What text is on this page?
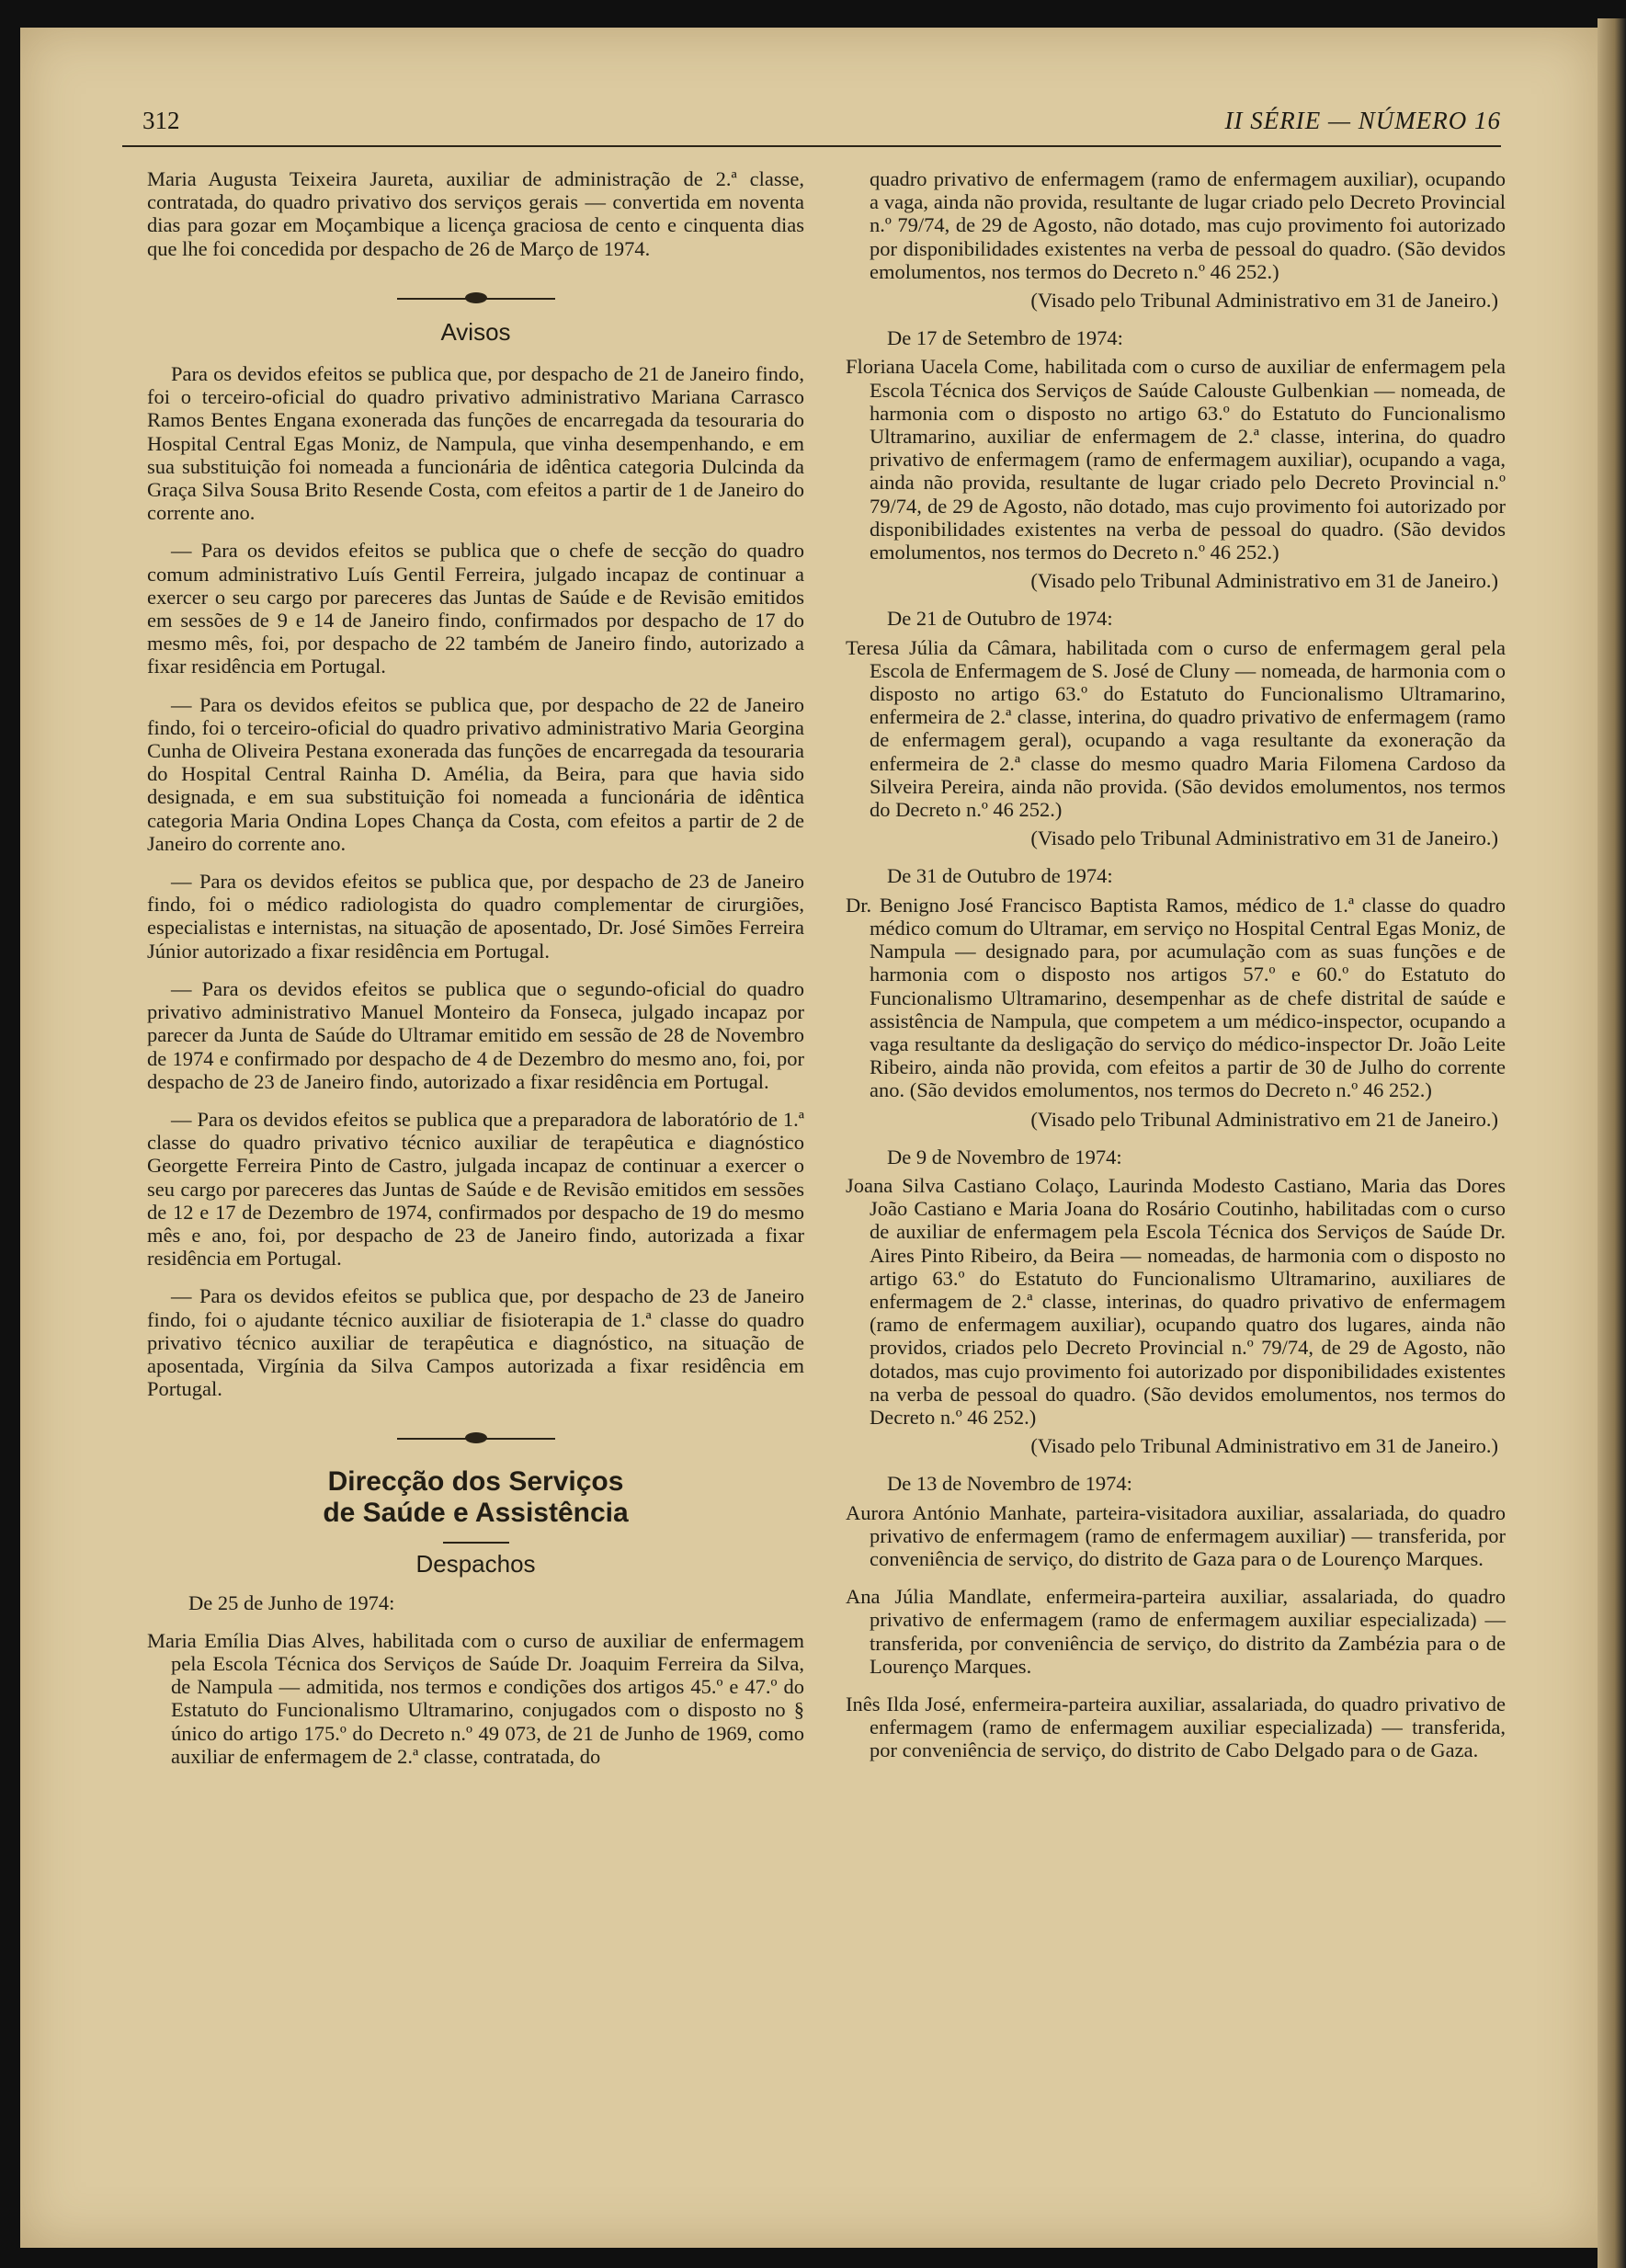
312	II SÉRIE — NÚMERO 16

Maria Augusta Teixeira Jaureta, auxiliar de administração de 2.ª classe, contratada, do quadro privativo dos serviços gerais — convertida em noventa dias para gozar em Moçambique a licença graciosa de cento e cinquenta dias que lhe foi concedida por despacho de 26 de Março de 1974.

Avisos

Para os devidos efeitos se publica que, por despacho de 21 de Janeiro findo, foi o terceiro-oficial do quadro privativo administrativo Mariana Carrasco Ramos Bentes Engana exonerada das funções de encarregada da tesouraria do Hospital Central Egas Moniz, de Nampula, que vinha desempenhando, e em sua substituição foi nomeada a funcionária de idêntica categoria Dulcinda da Graça Silva Sousa Brito Resende Costa, com efeitos a partir de 1 de Janeiro do corrente ano.

— Para os devidos efeitos se publica que o chefe de secção do quadro comum administrativo Luís Gentil Ferreira, julgado incapaz de continuar a exercer o seu cargo por pareceres das Juntas de Saúde e de Revisão emitidos em sessões de 9 e 14 de Janeiro findo, confirmados por despacho de 17 do mesmo mês, foi, por despacho de 22 também de Janeiro findo, autorizado a fixar residência em Portugal.

— Para os devidos efeitos se publica que, por despacho de 22 de Janeiro findo, foi o terceiro-oficial do quadro privativo administrativo Maria Georgina Cunha de Oliveira Pestana exonerada das funções de encarregada da tesouraria do Hospital Central Rainha D. Amélia, da Beira, para que havia sido designada, e em sua substituição foi nomeada a funcionária de idêntica categoria Maria Ondina Lopes Chança da Costa, com efeitos a partir de 2 de Janeiro do corrente ano.

— Para os devidos efeitos se publica que, por despacho de 23 de Janeiro findo, foi o médico radiologista do quadro complementar de cirurgiões, especialistas e internistas, na situação de aposentado, Dr. José Simões Ferreira Júnior autorizado a fixar residência em Portugal.

— Para os devidos efeitos se publica que o segundo-oficial do quadro privativo administrativo Manuel Monteiro da Fonseca, julgado incapaz por parecer da Junta de Saúde do Ultramar emitido em sessão de 28 de Novembro de 1974 e confirmado por despacho de 4 de Dezembro do mesmo ano, foi, por despacho de 23 de Janeiro findo, autorizado a fixar residência em Portugal.

— Para os devidos efeitos se publica que a preparadora de laboratório de 1.ª classe do quadro privativo técnico auxiliar de terapêutica e diagnóstico Georgette Ferreira Pinto de Castro, julgada incapaz de continuar a exercer o seu cargo por pareceres das Juntas de Saúde e de Revisão emitidos em sessões de 12 e 17 de Dezembro de 1974, confirmados por despacho de 19 do mesmo mês e ano, foi, por despacho de 23 de Janeiro findo, autorizada a fixar residência em Portugal.

— Para os devidos efeitos se publica que, por despacho de 23 de Janeiro findo, foi o ajudante técnico auxiliar de fisioterapia de 1.ª classe do quadro privativo técnico auxiliar de terapêutica e diagnóstico, na situação de aposentada, Virgínia da Silva Campos autorizada a fixar residência em Portugal.

Direcção dos Serviços
de Saúde e Assistência
Despachos

De 25 de Junho de 1974:

Maria Emília Dias Alves, habilitada com o curso de auxiliar de enfermagem pela Escola Técnica dos Serviços de Saúde Dr. Joaquim Ferreira da Silva, de Nampula — admitida, nos termos e condições dos artigos 45.º e 47.º do Estatuto do Funcionalismo Ultramarino, conjugados com o disposto no § único do artigo 175.º do Decreto n.º 49 073, de 21 de Junho de 1969, como auxiliar de enfermagem de 2.ª classe, contratada, do

quadro privativo de enfermagem (ramo de enfermagem auxiliar), ocupando a vaga, ainda não provida, resultante de lugar criado pelo Decreto Provincial n.º 79/74, de 29 de Agosto, não dotado, mas cujo provimento foi autorizado por disponibilidades existentes na verba de pessoal do quadro. (São devidos emolumentos, nos termos do Decreto n.º 46 252.)

(Visado pelo Tribunal Administrativo em 31 de Janeiro.)

De 17 de Setembro de 1974:

Floriana Uacela Come, habilitada com o curso de auxiliar de enfermagem pela Escola Técnica dos Serviços de Saúde Calouste Gulbenkian — nomeada, de harmonia com o disposto no artigo 63.º do Estatuto do Funcionalismo Ultramarino, auxiliar de enfermagem de 2.ª classe, interina, do quadro privativo de enfermagem (ramo de enfermagem auxiliar), ocupando a vaga, ainda não provida, resultante de lugar criado pelo Decreto Provincial n.º 79/74, de 29 de Agosto, não dotado, mas cujo provimento foi autorizado por disponibilidades existentes na verba de pessoal do quadro. (São devidos emolumentos, nos termos do Decreto n.º 46 252.)

(Visado pelo Tribunal Administrativo em 31 de Janeiro.)

De 21 de Outubro de 1974:

Teresa Júlia da Câmara, habilitada com o curso de enfermagem geral pela Escola de Enfermagem de S. José de Cluny — nomeada, de harmonia com o disposto no artigo 63.º do Estatuto do Funcionalismo Ultramarino, enfermeira de 2.ª classe, interina, do quadro privativo de enfermagem (ramo de enfermagem geral), ocupando a vaga resultante da exoneração da enfermeira de 2.ª classe do mesmo quadro Maria Filomena Cardoso da Silveira Pereira, ainda não provida. (São devidos emolumentos, nos termos do Decreto n.º 46 252.)

(Visado pelo Tribunal Administrativo em 31 de Janeiro.)

De 31 de Outubro de 1974:

Dr. Benigno José Francisco Baptista Ramos, médico de 1.ª classe do quadro médico comum do Ultramar, em serviço no Hospital Central Egas Moniz, de Nampula — designado para, por acumulação com as suas funções e de harmonia com o disposto nos artigos 57.º e 60.º do Estatuto do Funcionalismo Ultramarino, desempenhar as de chefe distrital de saúde e assistência de Nampula, que competem a um médico-inspector, ocupando a vaga resultante da desligação do serviço do médico-inspector Dr. João Leite Ribeiro, ainda não provida, com efeitos a partir de 30 de Julho do corrente ano. (São devidos emolumentos, nos termos do Decreto n.º 46 252.)

(Visado pelo Tribunal Administrativo em 21 de Janeiro.)

De 9 de Novembro de 1974:

Joana Silva Castiano Colaço, Laurinda Modesto Castiano, Maria das Dores João Castiano e Maria Joana do Rosário Coutinho, habilitadas com o curso de auxiliar de enfermagem pela Escola Técnica dos Serviços de Saúde Dr. Aires Pinto Ribeiro, da Beira — nomeadas, de harmonia com o disposto no artigo 63.º do Estatuto do Funcionalismo Ultramarino, auxiliares de enfermagem de 2.ª classe, interinas, do quadro privativo de enfermagem (ramo de enfermagem auxiliar), ocupando quatro dos lugares, ainda não providos, criados pelo Decreto Provincial n.º 79/74, de 29 de Agosto, não dotados, mas cujo provimento foi autorizado por disponibilidades existentes na verba de pessoal do quadro. (São devidos emolumentos, nos termos do Decreto n.º 46 252.)

(Visado pelo Tribunal Administrativo em 31 de Janeiro.)

De 13 de Novembro de 1974:

Aurora António Manhate, parteira-visitadora auxiliar, assalariada, do quadro privativo de enfermagem (ramo de enfermagem auxiliar) — transferida, por conveniência de serviço, do distrito de Gaza para o de Lourenço Marques.

Ana Júlia Mandlate, enfermeira-parteira auxiliar, assalariada, do quadro privativo de enfermagem (ramo de enfermagem auxiliar especializada) — transferida, por conveniência de serviço, do distrito da Zambézia para o de Lourenço Marques.

Inês Ilda José, enfermeira-parteira auxiliar, assalariada, do quadro privativo de enfermagem (ramo de enfermagem auxiliar especializada) — transferida, por conveniência de serviço, do distrito de Cabo Delgado para o de Gaza.
